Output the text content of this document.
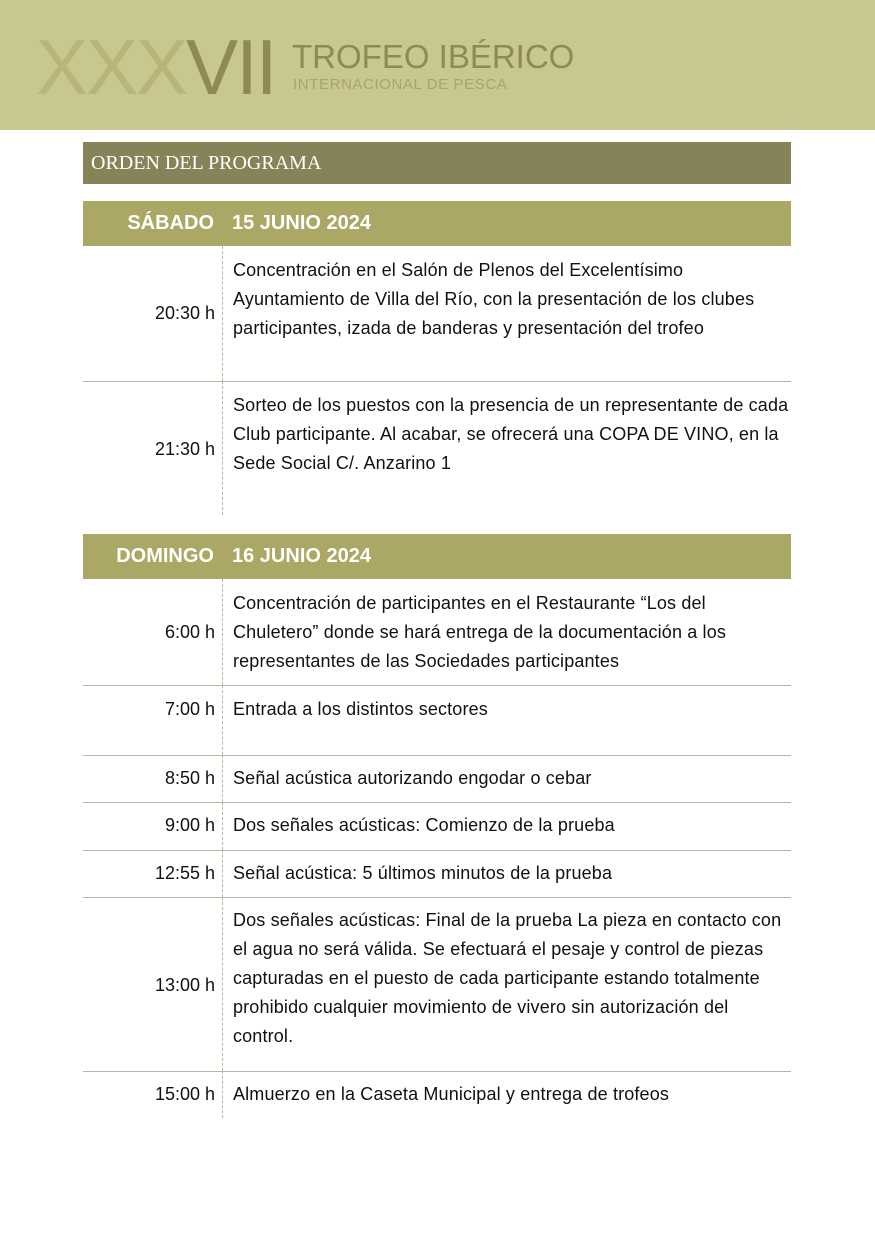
XXXVII TROFEO IBÉRICO
INTERNACIONAL DE PESCA
ORDEN DEL PROGRAMA
SÁBADO 15 JUNIO 2024
20:30 h
Concentración en el Salón de Plenos del Excelentísimo Ayuntamiento de Villa del Río, con la presentación de los clubes participantes, izada de banderas y presentación del trofeo
21:30 h
Sorteo de los puestos con la presencia de un representante de cada Club participante. Al acabar, se ofrecerá una COPA DE VINO, en la Sede Social C/. Anzarino 1
DOMINGO 16 JUNIO 2024
6:00 h
Concentración de participantes en el Restaurante “Los del Chuletero” donde se hará entrega de la documentación a los representantes de las Sociedades participantes
7:00 h Entrada a los distintos sectores
8:50 h Señal acústica autorizando engodar o cebar
9:00 h Dos señales acústicas: Comienzo de la prueba
12:55 h Señal acústica: 5 últimos minutos de la prueba
13:00 h
Dos señales acústicas: Final de la prueba La pieza en contacto con el agua no será válida. Se efectuará el pesaje y control de piezas capturadas en el puesto de cada participante estando totalmente prohibido cualquier movimiento de vivero sin autorización del control.
15:00 h Almuerzo en la Caseta Municipal y entrega de trofeos
